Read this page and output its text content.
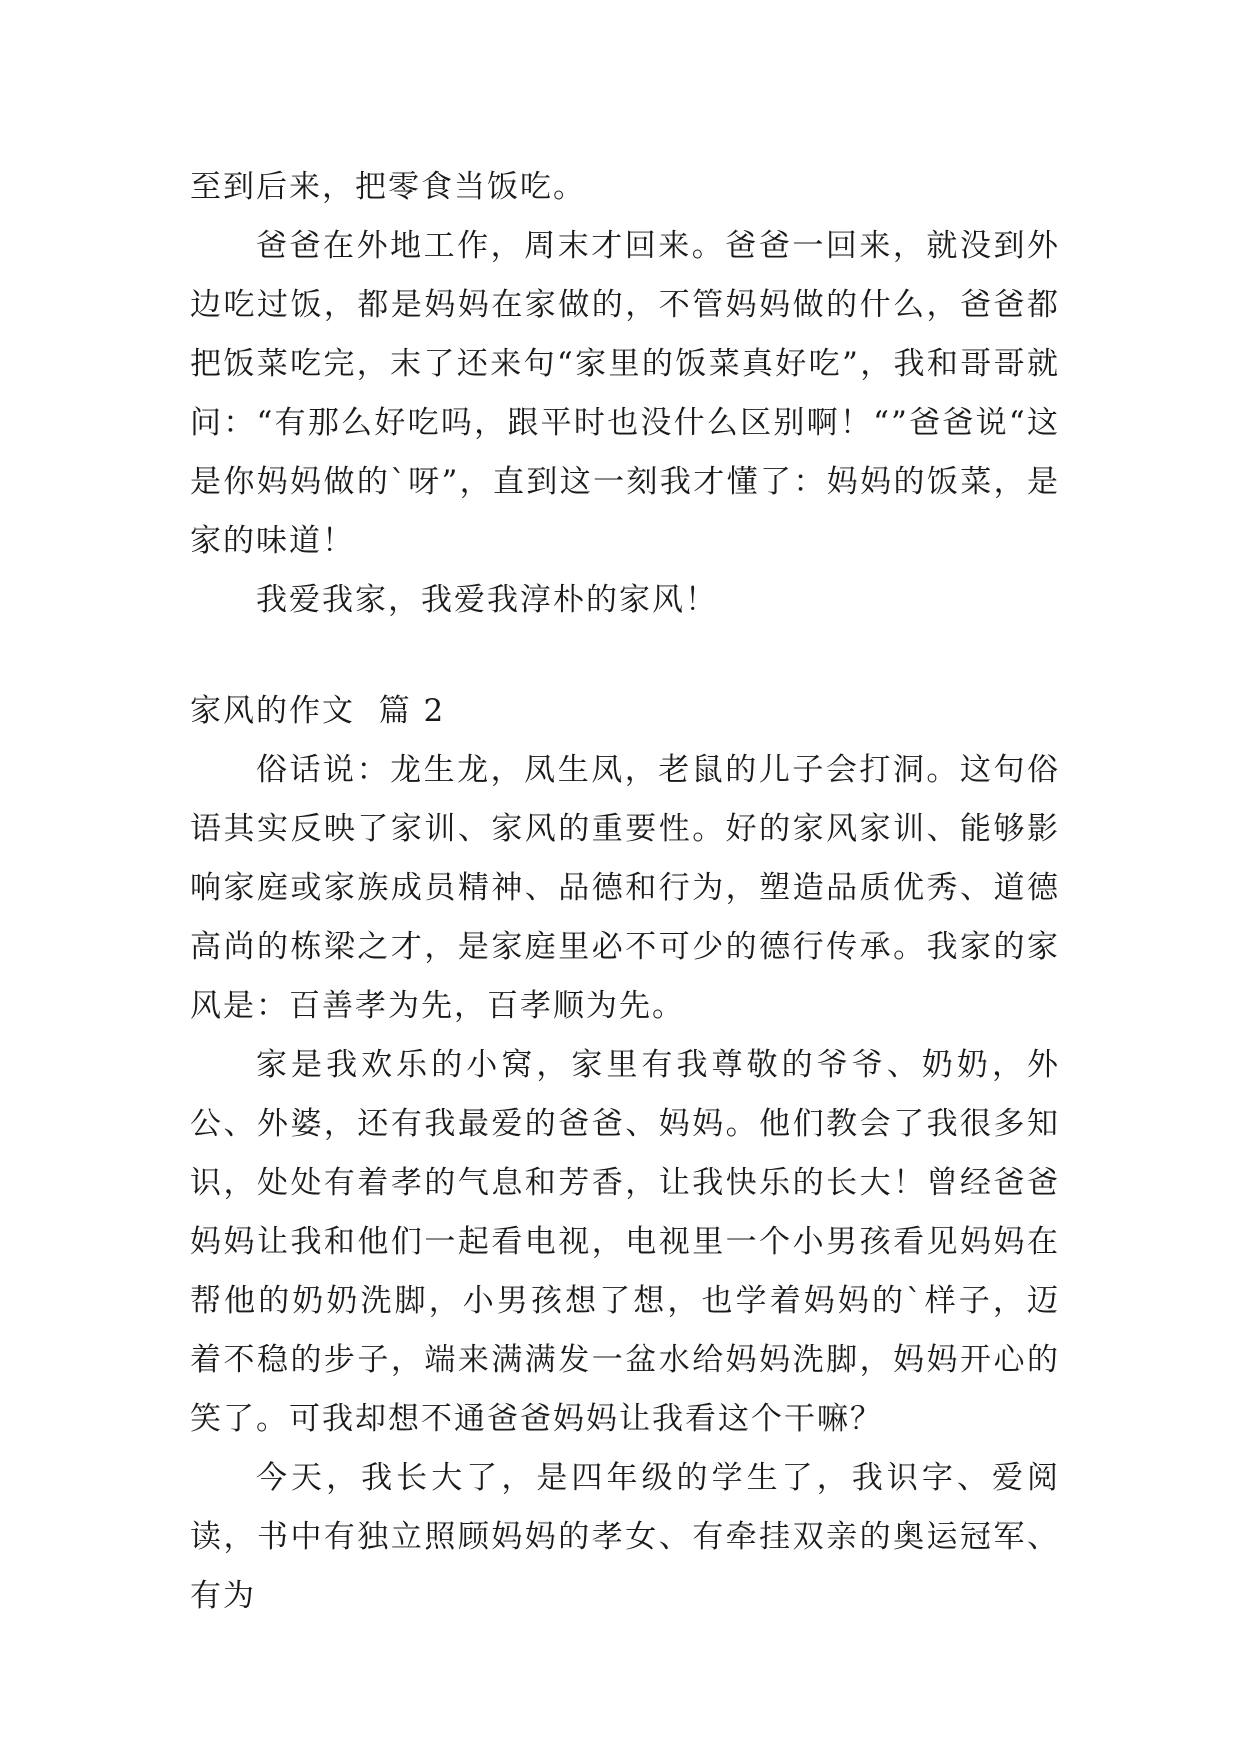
至到后来，把零食当饭吃。

爸爸在外地工作，周末才回来。爸爸一回来，就没到外边吃过饭，都是妈妈在家做的，不管妈妈做的什么，爸爸都把饭菜吃完，末了还来句“家里的饭菜真好吃”，我和哥哥就问：“有那么好吃吗，跟平时也没什么区别啊！“”爸爸说“这是你妈妈做的`呀”，直到这一刻我才懂了：妈妈的饭菜，是家的味道！

我爱我家，我爱我淳朴的家风！

家风的作文  篇 2

俗话说：龙生龙，凤生凤，老鼠的儿子会打洞。这句俗语其实反映了家训、家风的重要性。好的家风家训、能够影响家庭或家族成员精神、品德和行为，塑造品质优秀、道德高尚的栋梁之才，是家庭里必不可少的德行传承。我家的家风是：百善孝为先，百孝顺为先。

家是我欢乐的小窝，家里有我尊敬的爷爷、奶奶，外公、外婆，还有我最爱的爸爸、妈妈。他们教会了我很多知识，处处有着孝的气息和芳香，让我快乐的长大！曾经爸爸妈妈让我和他们一起看电视，电视里一个小男孩看见妈妈在帮他的奶奶洗脚，小男孩想了想，也学着妈妈的`样子，迈着不稳的步子，端来满满发一盆水给妈妈洗脚，妈妈开心的笑了。可我却想不通爸爸妈妈让我看这个干嘛？

今天，我长大了，是四年级的学生了，我识字、爱阅读，书中有独立照顾妈妈的孝女、有牵挂双亲的奥运冠军、有为
